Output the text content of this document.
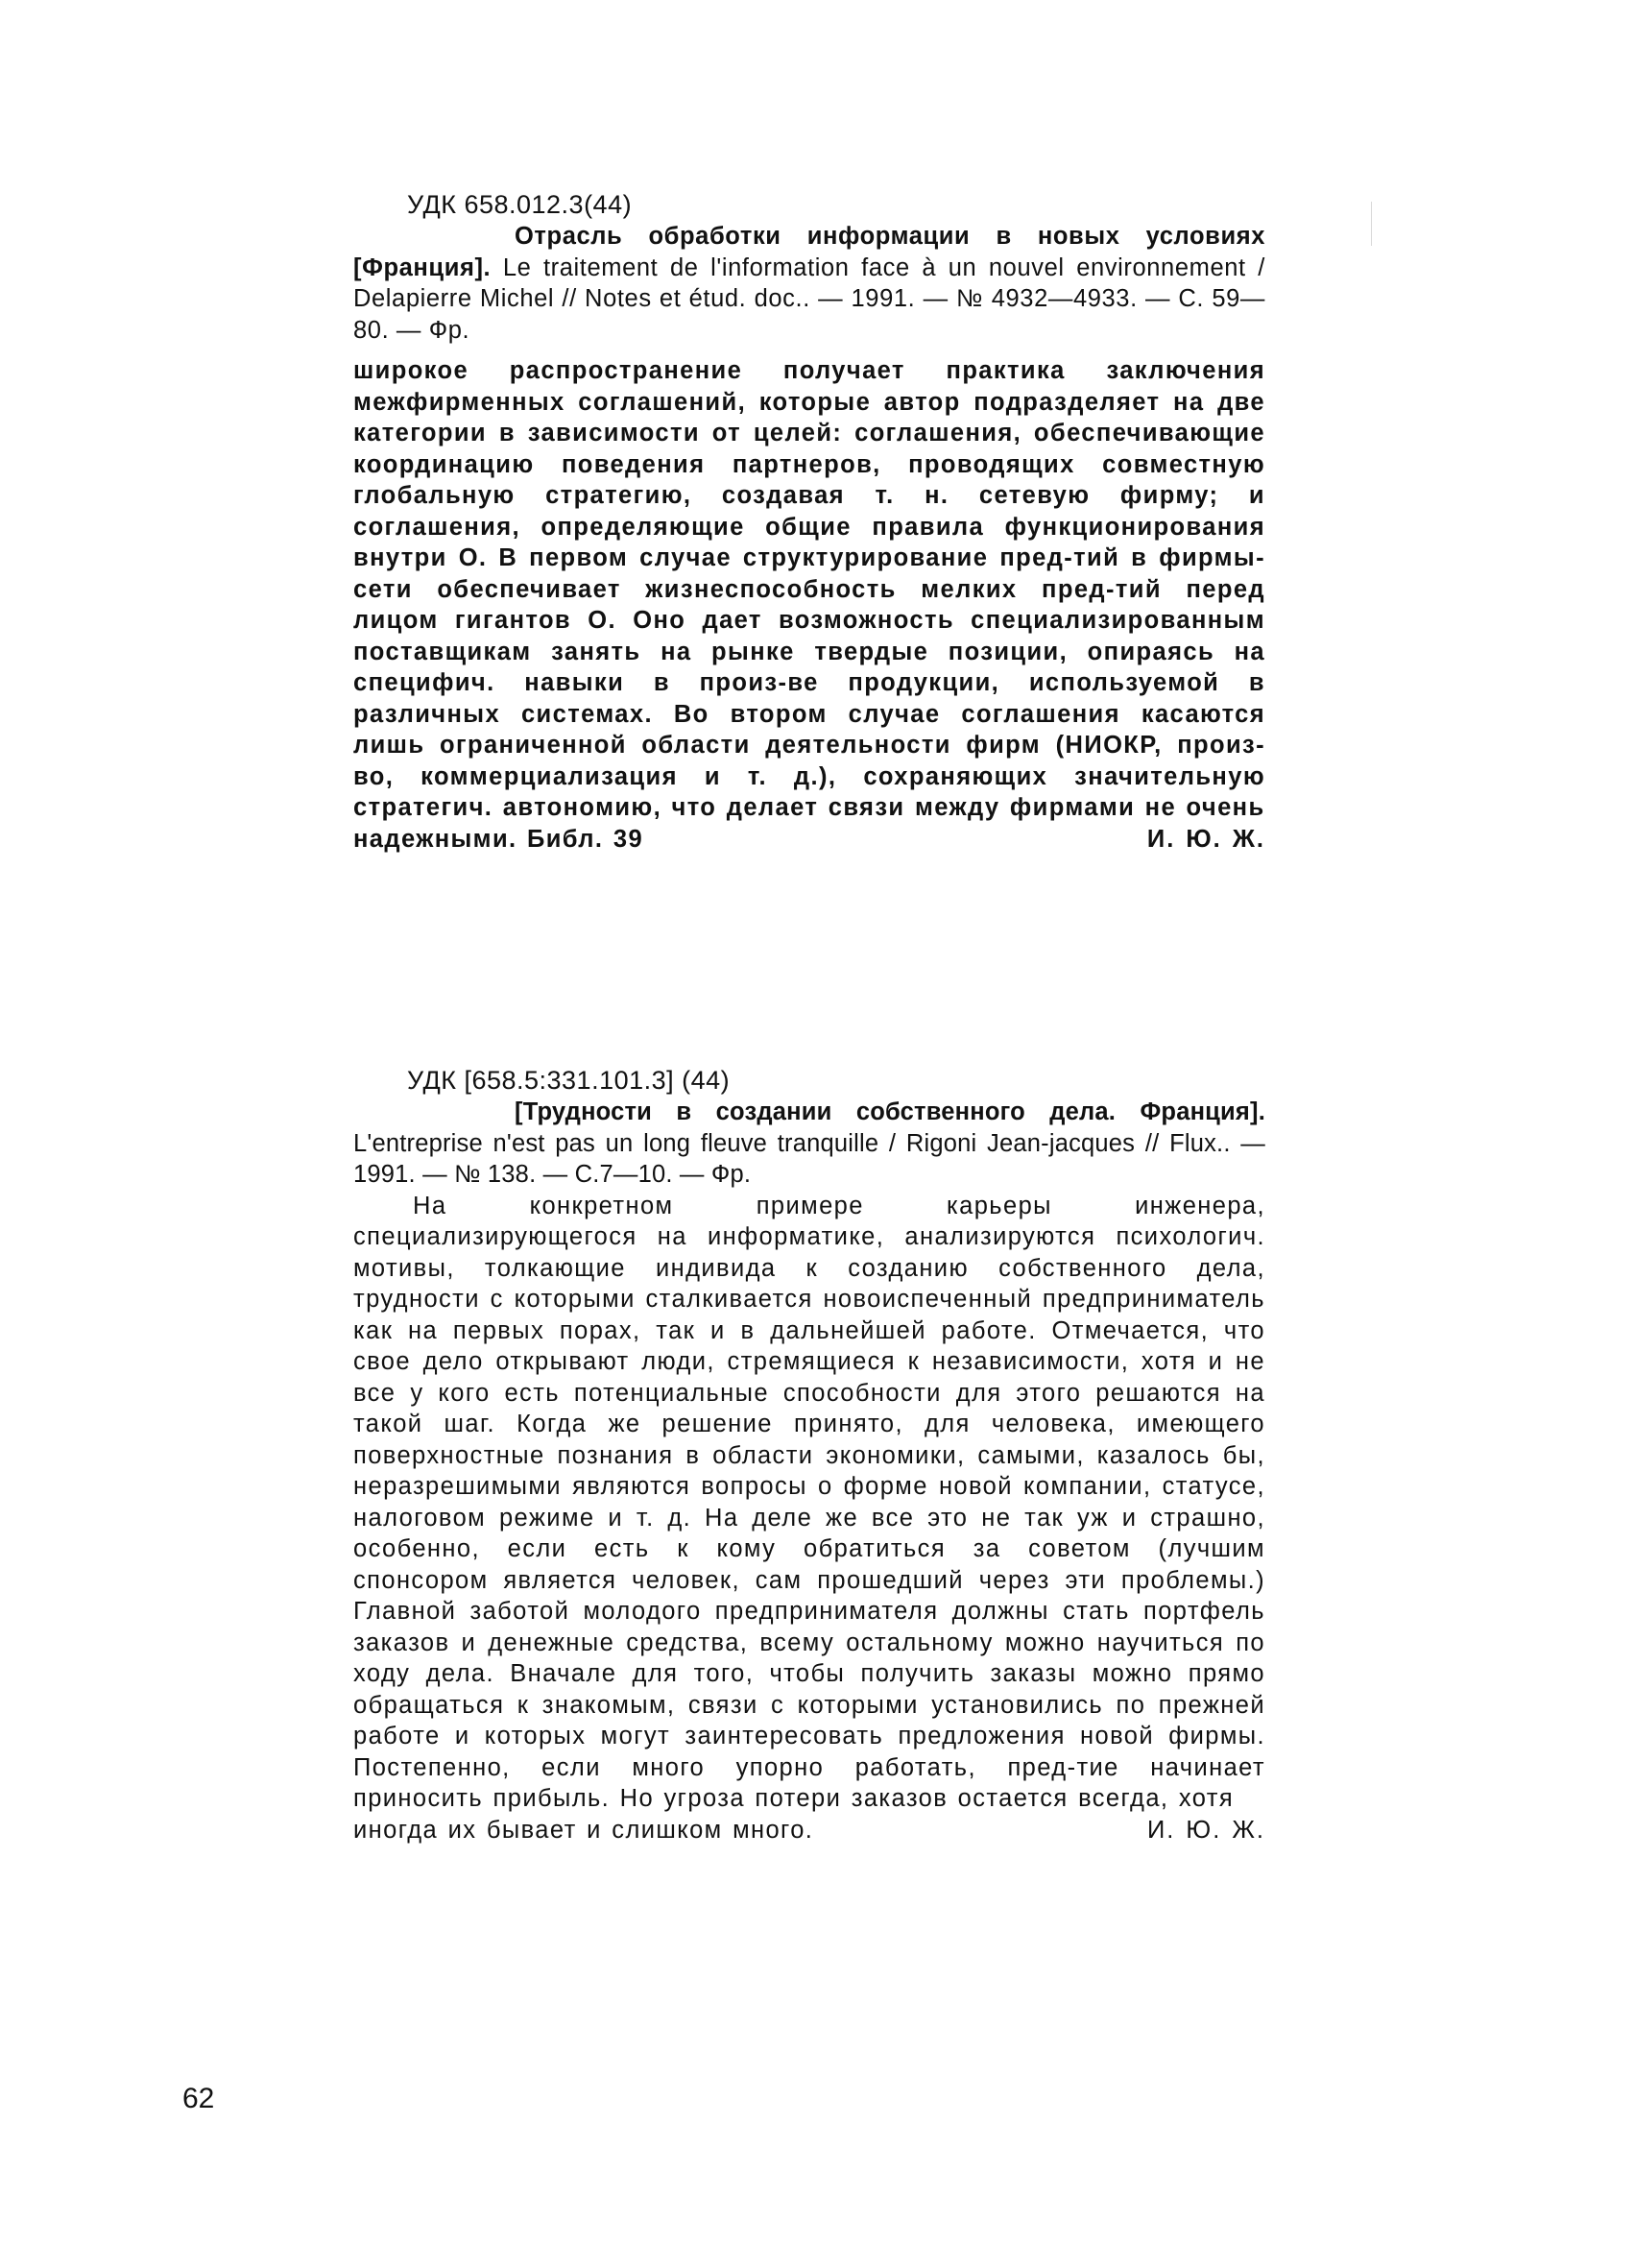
УДК 658.012.3(44)

Отрасль обработки информации в новых условиях [Франция]. Le traitement de l'information face à un nouvel environnement / Delapierre Michel // Notes et étud. doc.. — 1991. — № 4932—4933. — С. 59—80. — Фр.

широкое распространение получает практика заключения межфирменных соглашений, которые автор подразделяет на две категории в зависимости от целей: соглашения, обеспечивающие координацию поведения партнеров, проводящих совместную глобальную стратегию, создавая т. н. сетевую фирму; и соглашения, определяющие общие правила функционирования внутри О. В первом случае структурирование пред-тий в фирмы-сети обеспечивает жизнеспособность мелких пред-тий перед лицом гигантов О. Оно дает возможность специализированным поставщикам занять на рынке твердые позиции, опираясь на специфич. навыки в произ-ве продукции, используемой в различных системах. Во втором случае соглашения касаются лишь ограниченной области деятельности фирм (НИОКР, произ-во, коммерциализация и т. д.), сохраняющих значительную стратегич. автономию, что делает связи между фирмами не очень

надежными. Библ. 39	И. Ю. Ж.
УДК [658.5:331.101.3] (44)

[Трудности в создании собственного дела. Франция]. L'entreprise n'est pas un long fleuve tranquille / Rigoni Jean-jacques // Flux.. — 1991. — № 138. — С.7—10. — Фр.

На конкретном примере карьеры инженера, специализирующегося на информатике, анализируются психологич. мотивы, толкающие индивида к созданию собственного дела, трудности с которыми сталкивается новоиспеченный предприниматель как на первых порах, так и в дальнейшей работе. Отмечается, что свое дело открывают люди, стремящиеся к независимости, хотя и не все у кого есть потенциальные способности для этого решаются на такой шаг. Когда же решение принято, для человека, имеющего поверхностные познания в области экономики, самыми, казалось бы, неразрешимыми являются вопросы о форме новой компании, статусе, налоговом режиме и т. д. На деле же все это не так уж и страшно, особенно, если есть к кому обратиться за советом (лучшим спонсором является человек, сам прошедший через эти проблемы.) Главной заботой молодого предпринимателя должны стать портфель заказов и денежные средства, всему остальному можно научиться по ходу дела. Вначале для того, чтобы получить заказы можно прямо обращаться к знакомым, связи с которыми установились по прежней работе и которых могут заинтересовать предложения новой фирмы. Постепенно, если много упорно работать, пред-тие начинает приносить прибыль. Но угроза потери заказов остается всегда, хотя

иногда их бывает и слишком много.	И. Ю. Ж.
62
